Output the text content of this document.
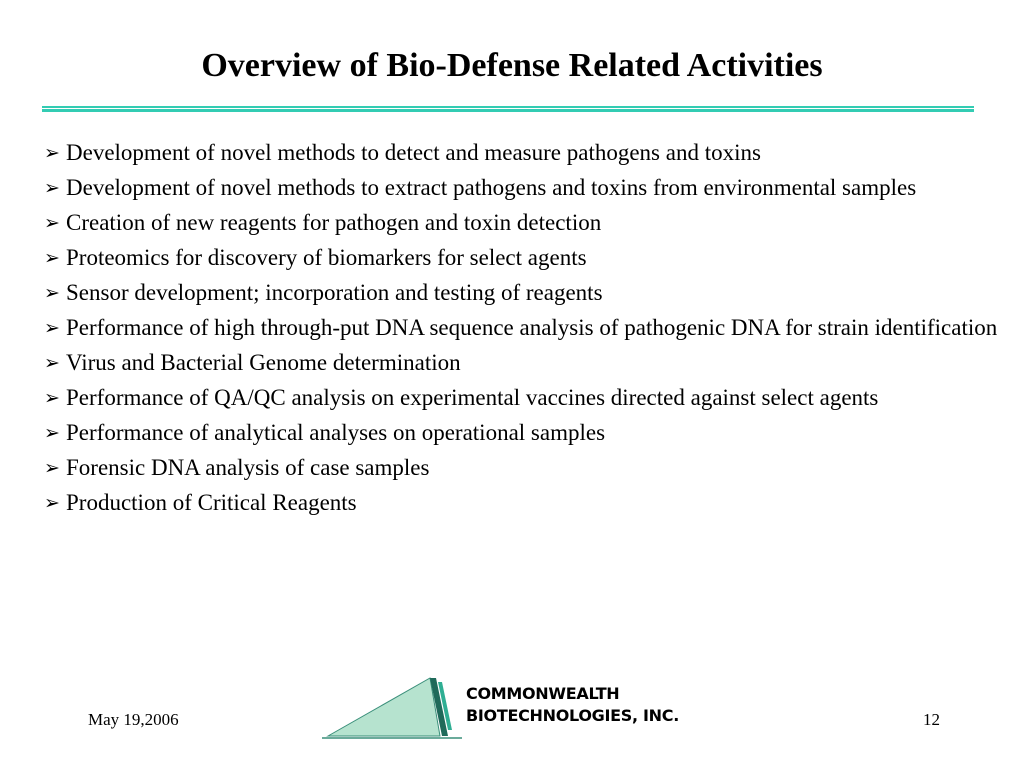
Overview of Bio-Defense Related Activities
➢ Development of novel methods to detect and measure pathogens and toxins
➢ Development of novel methods to extract pathogens and toxins from environmental samples
➢ Creation of new reagents for pathogen and toxin detection
➢ Proteomics for discovery of biomarkers for select agents
➢ Sensor development; incorporation and testing of reagents
➢ Performance of high through-put DNA sequence analysis of pathogenic DNA for strain identification
➢ Virus and Bacterial Genome determination
➢ Performance of QA/QC analysis on experimental vaccines directed against select agents
➢ Performance of analytical analyses on operational samples
➢ Forensic DNA analysis of case samples
➢ Production of Critical Reagents
May 19,2006
COMMONWEALTH
BIOTECHNOLOGIES, INC.	12
